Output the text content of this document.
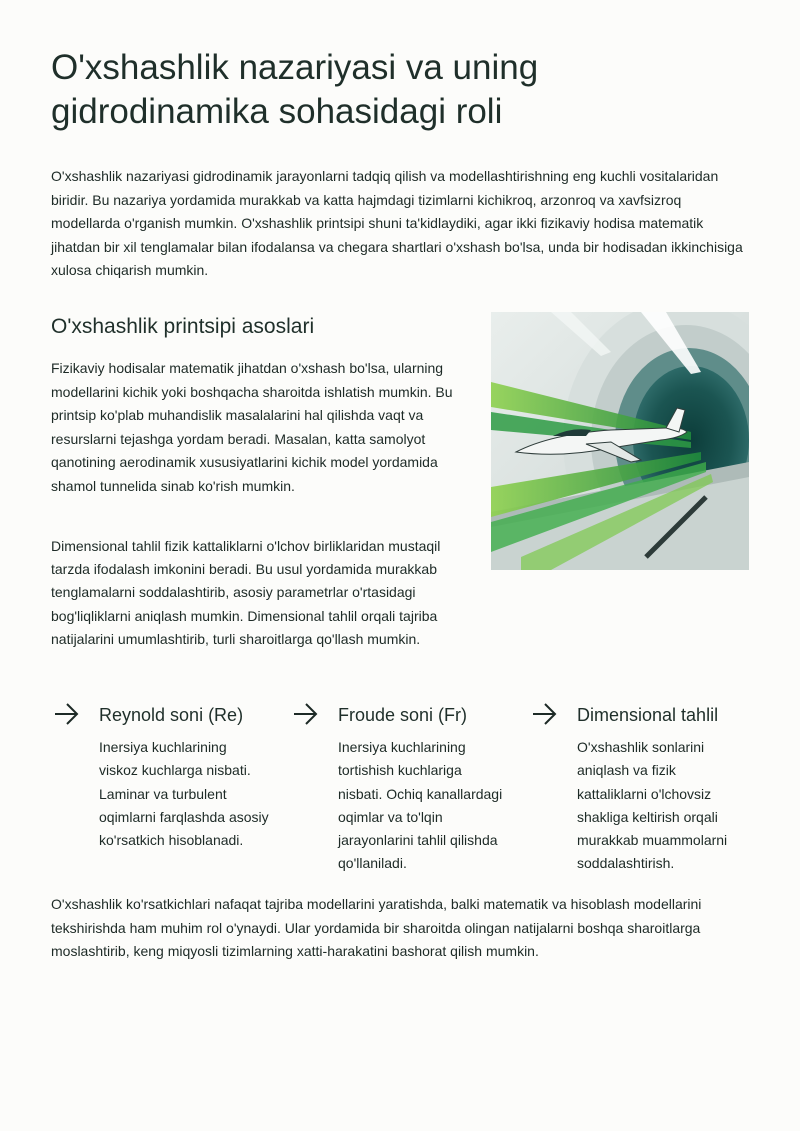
O'xshashlik nazariyasi va uning gidrodinamika sohasidagi roli

O'xshashlik nazariyasi gidrodinamik jarayonlarni tadqiq qilish va modellashtirishning eng kuchli vositalaridan biridir. Bu nazariya yordamida murakkab va katta hajmdagi tizimlarni kichikroq, arzonroq va xavfsizroq modellarda o'rganish mumkin. O'xshashlik printsipi shuni ta'kidlaydiki, agar ikki fizikaviy hodisa matematik jihatdan bir xil tenglamalar bilan ifodalansa va chegara shartlari o'xshash bo'lsa, unda bir hodisadan ikkinchisiga xulosa chiqarish mumkin.

O'xshashlik printsipi asoslari

Fizikaviy hodisalar matematik jihatdan o'xshash bo'lsa, ularning modellarini kichik yoki boshqacha sharoitda ishlatish mumkin. Bu printsip ko'plab muhandislik masalalarini hal qilishda vaqt va resurslarni tejashga yordam beradi. Masalan, katta samolyot qanotining aerodinamik xususiyatlarini kichik model yordamida shamol tunnelida sinab ko'rish mumkin.

Dimensional tahlil fizik kattaliklarni o'lchov birliklaridan mustaqil tarzda ifodalash imkonini beradi. Bu usul yordamida murakkab tenglamalarni soddalashtirib, asosiy parametrlar o'rtasidagi bog'liqliklarni aniqlash mumkin. Dimensional tahlil orqali tajriba natijalarini umumlashtirib, turli sharoitlarga qo'llash mumkin.

Reynold soni (Re)
Inersiya kuchlarining viskoz kuchlarga nisbati. Laminar va turbulent oqimlarni farqlashda asosiy ko'rsatkich hisoblanadi.
Froude soni (Fr)
Inersiya kuchlarining tortishish kuchlariga nisbati. Ochiq kanallardagi oqimlar va to'lqin jarayonlarini tahlil qilishda qo'llaniladi.
Dimensional tahlil
O'xshashlik sonlarini aniqlash va fizik kattaliklarni o'lchovsiz shakliga keltirish orqali murakkab muammolarni soddalashtirish.

O'xshashlik ko'rsatkichlari nafaqat tajriba modellarini yaratishda, balki matematik va hisoblash modellarini tekshirishda ham muhim rol o'ynaydi. Ular yordamida bir sharoitda olingan natijalarni boshqa sharoitlarga moslashtirib, keng miqyosli tizimlarning xatti-harakatini bashorat qilish mumkin.
